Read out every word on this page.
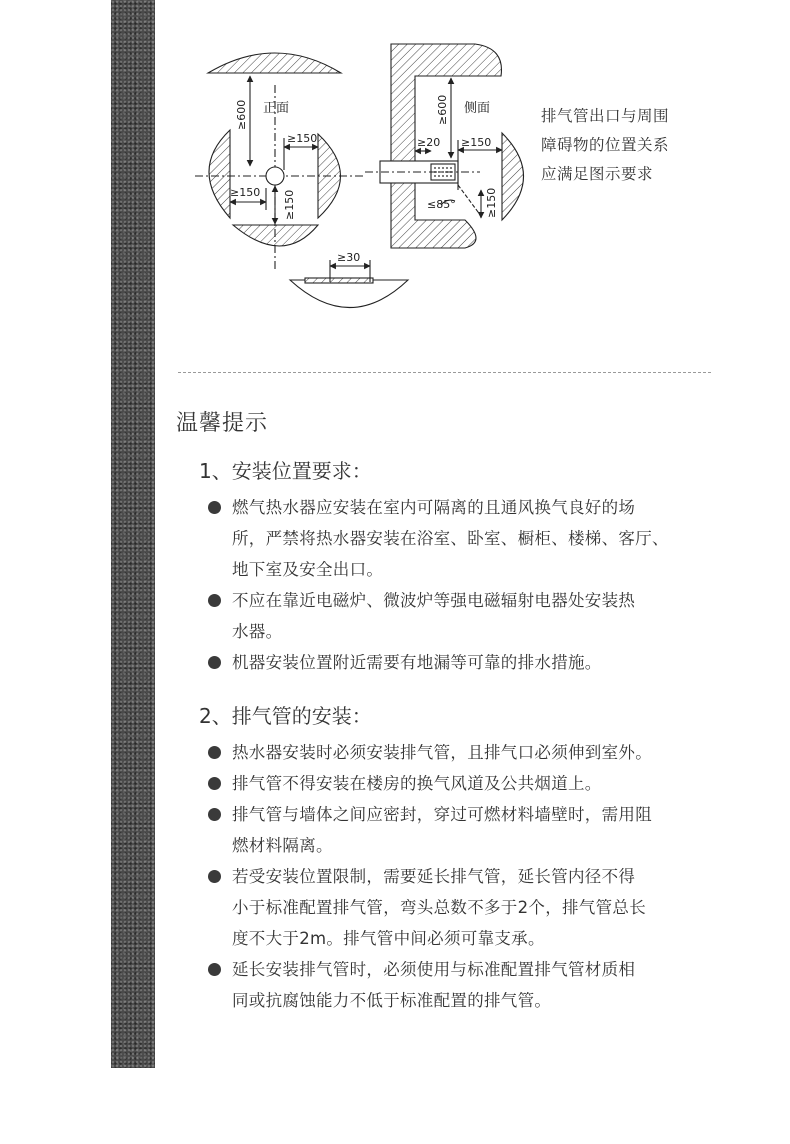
正面	侧面
≥600
≥150
≥150 ≥150
≥20
≥600
≥150
≤85°	≥150
≥30
排气管出口与周围
障碍物的位置关系
应满足图示要求
温馨提示
1、安装位置要求：
燃气热水器应安装在室内可隔离的且通风换气良好的场
所，严禁将热水器安装在浴室、卧室、橱柜、楼梯、客厅、
地下室及安全出口。
不应在靠近电磁炉、微波炉等强电磁辐射电器处安装热
水器。
机器安装位置附近需要有地漏等可靠的排水措施。
2、排气管的安装：
热水器安装时必须安装排气管，且排气口必须伸到室外。
排气管不得安装在楼房的换气风道及公共烟道上。
排气管与墙体之间应密封，穿过可燃材料墙壁时，需用阻
燃材料隔离。
若受安装位置限制，需要延长排气管，延长管内径不得
小于标准配置排气管，弯头总数不多于2个，排气管总长
度不大于2m。排气管中间必须可靠支承。
延长安装排气管时，必须使用与标准配置排气管材质相
同或抗腐蚀能力不低于标准配置的排气管。
